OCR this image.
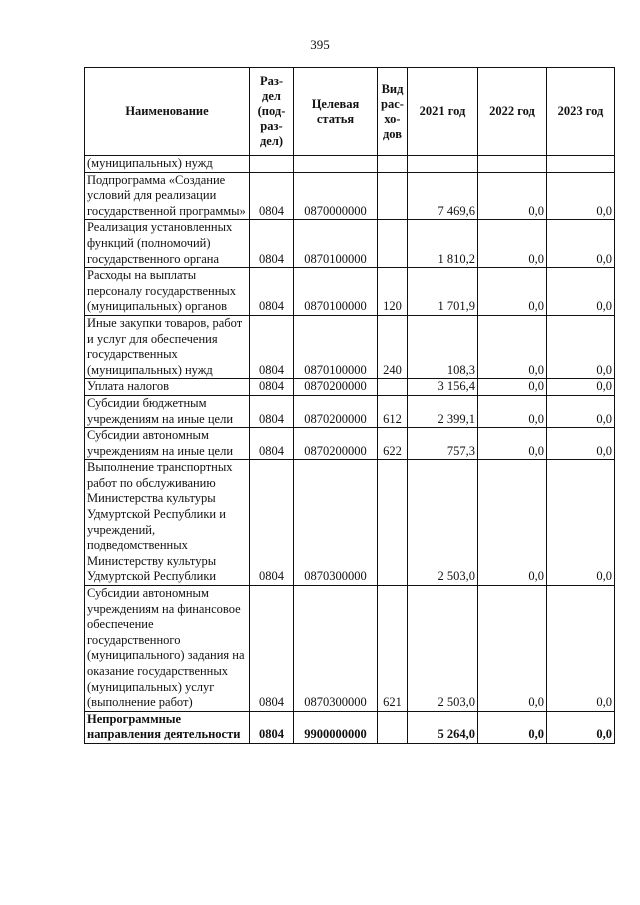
395
Наименование	Раз-
дел
(под-
раз-
дел)	Целевая
статья	Вид
рас-
хо-
дов	2021 год	2022 год	2023 год
(муниципальных) нужд						
Подпрограмма «Создание условий для реализации государственной программы»	0804	0870000000		7 469,6	0,0	0,0
Реализация установленных функций (полномочий) государственного органа	0804	0870100000		1 810,2	0,0	0,0
Расходы на выплаты персоналу государственных (муниципальных) органов	0804	0870100000	120	1 701,9	0,0	0,0
Иные закупки товаров, работ и услуг для обеспечения государственных (муниципальных) нужд	0804	0870100000	240	108,3	0,0	0,0
Уплата налогов	0804	0870200000		3 156,4	0,0	0,0
Субсидии бюджетным учреждениям на иные цели	0804	0870200000	612	2 399,1	0,0	0,0
Субсидии автономным учреждениям на иные цели	0804	0870200000	622	757,3	0,0	0,0
Выполнение транспортных работ по обслуживанию Министерства культуры Удмуртской Республики и учреждений, подведомственных Министерству культуры Удмуртской Республики	0804	0870300000		2 503,0	0,0	0,0
Субсидии автономным учреждениям на финансовое обеспечение государственного (муниципального) задания на оказание государственных (муниципальных) услуг (выполнение работ)	0804	0870300000	621	2 503,0	0,0	0,0
Непрограммные направления деятельности	0804	9900000000		5 264,0	0,0	0,0
